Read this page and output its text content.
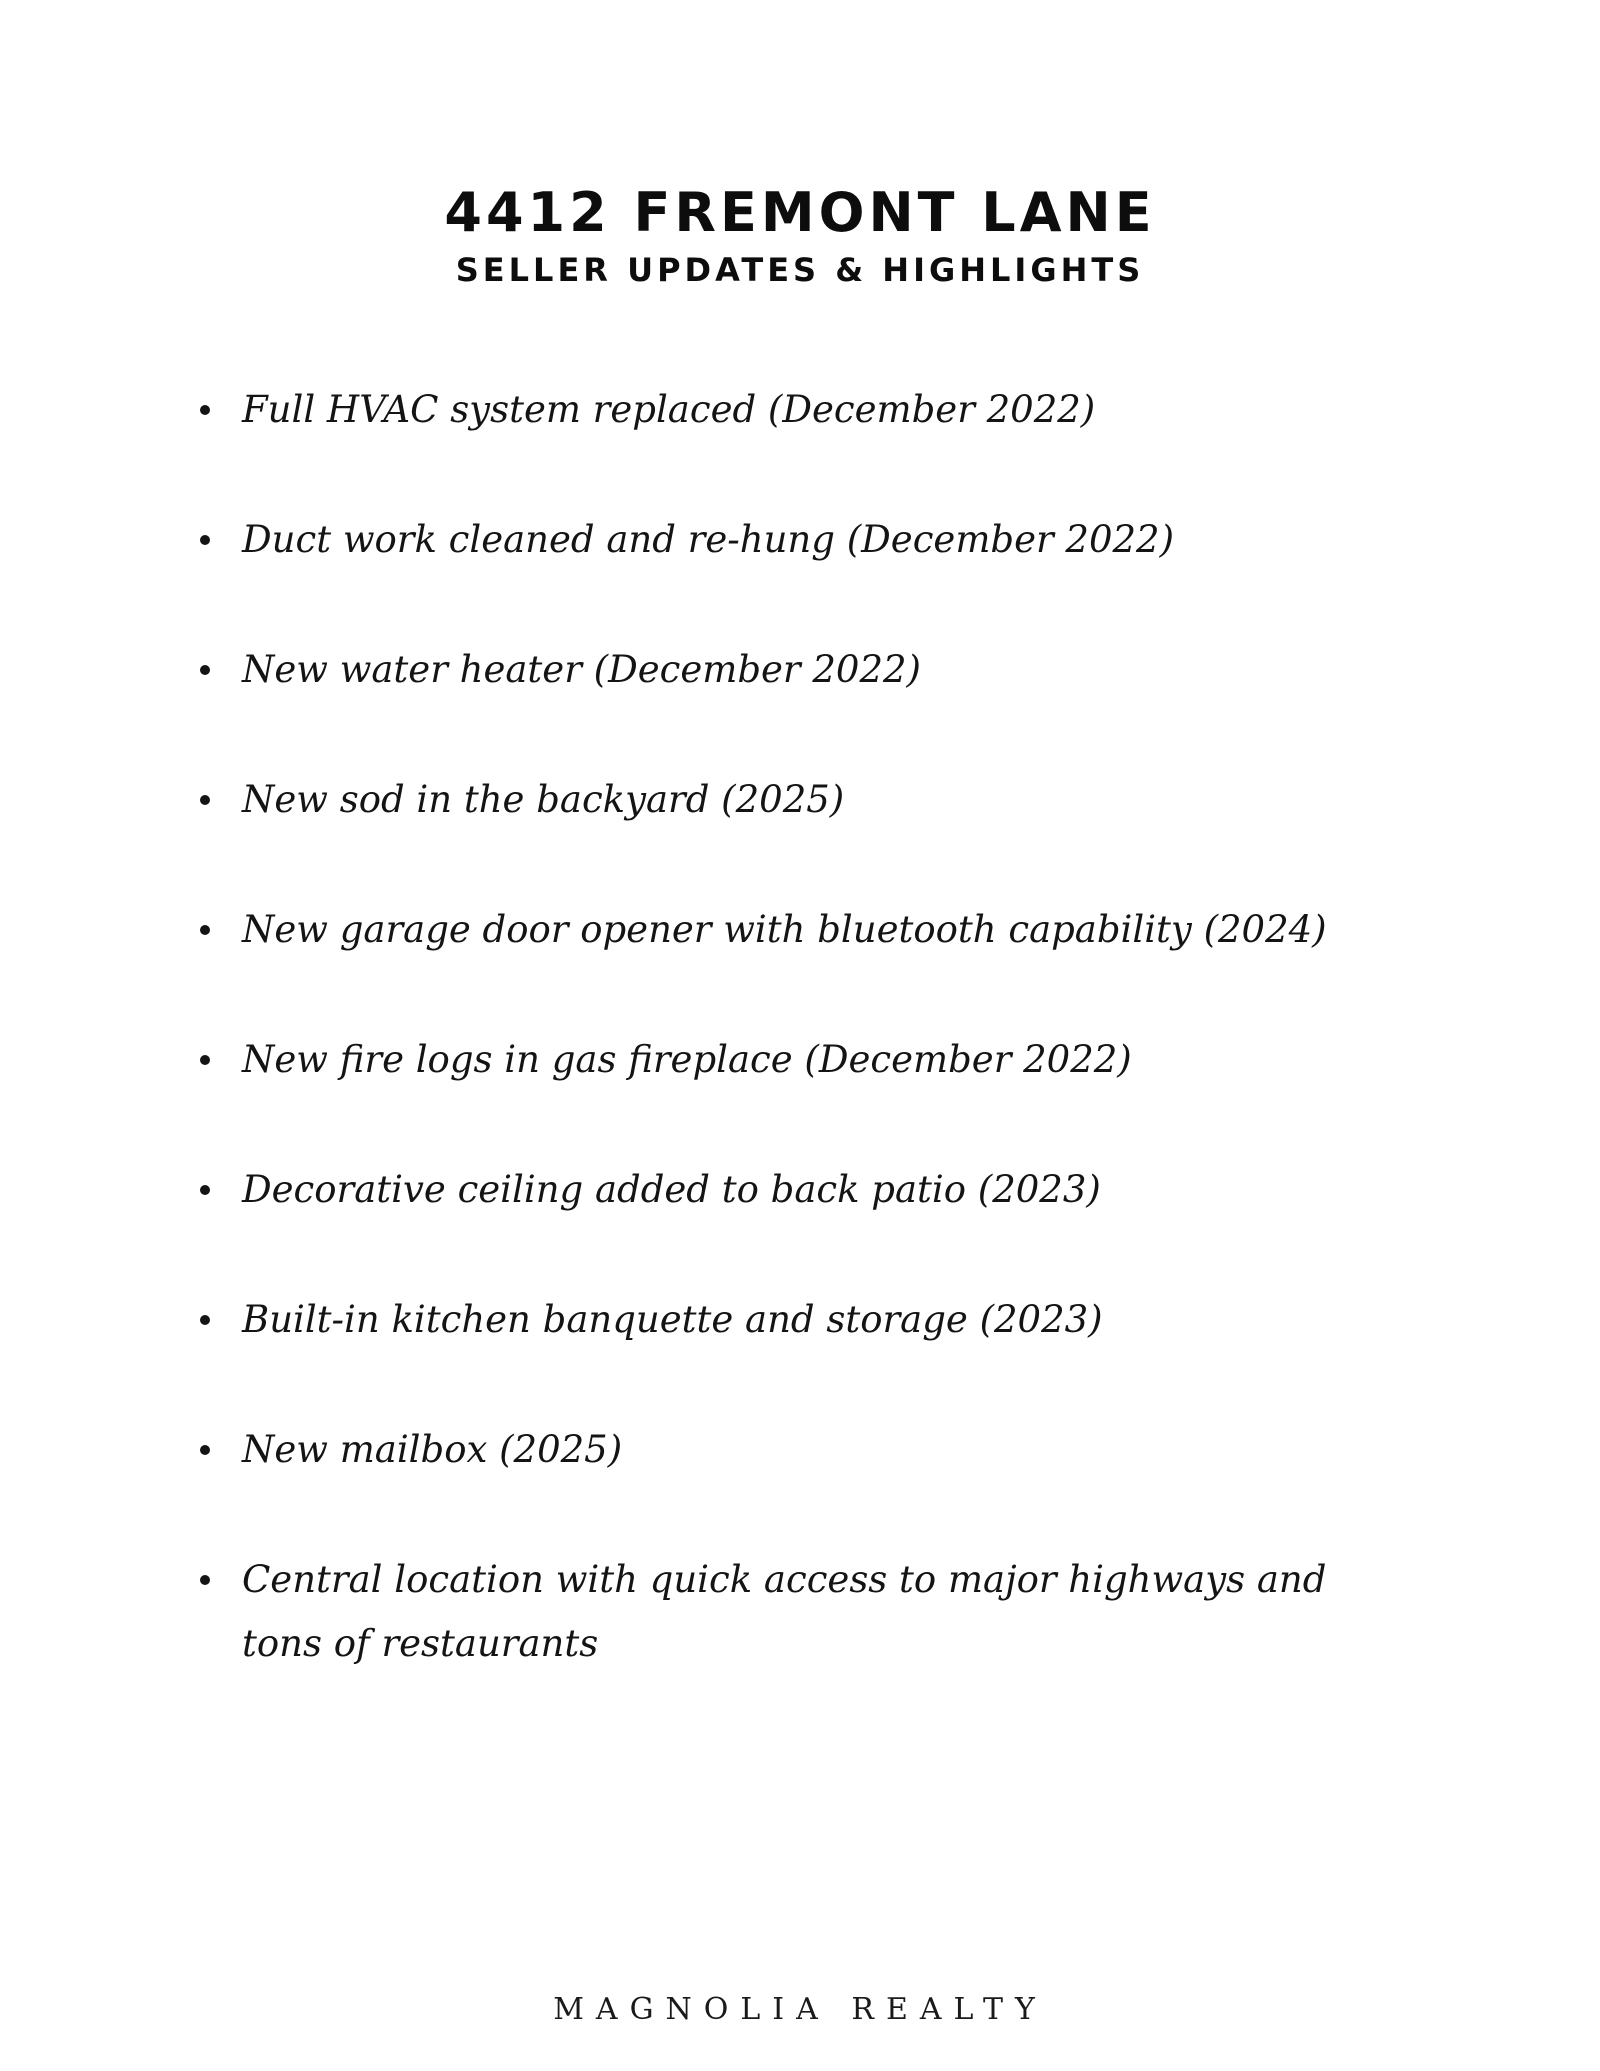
4412 FREMONT LANE
SELLER UPDATES & HIGHLIGHTS
Full HVAC system replaced (December 2022)
Duct work cleaned and re-hung (December 2022)
New water heater (December 2022)
New sod in the backyard (2025)
New garage door opener with bluetooth capability (2024)
New fire logs in gas fireplace (December 2022)
Decorative ceiling added to back patio (2023)
Built-in kitchen banquette and storage (2023)
New mailbox (2025)
Central location with quick access to major highways and tons of restaurants
MAGNOLIA REALTY
